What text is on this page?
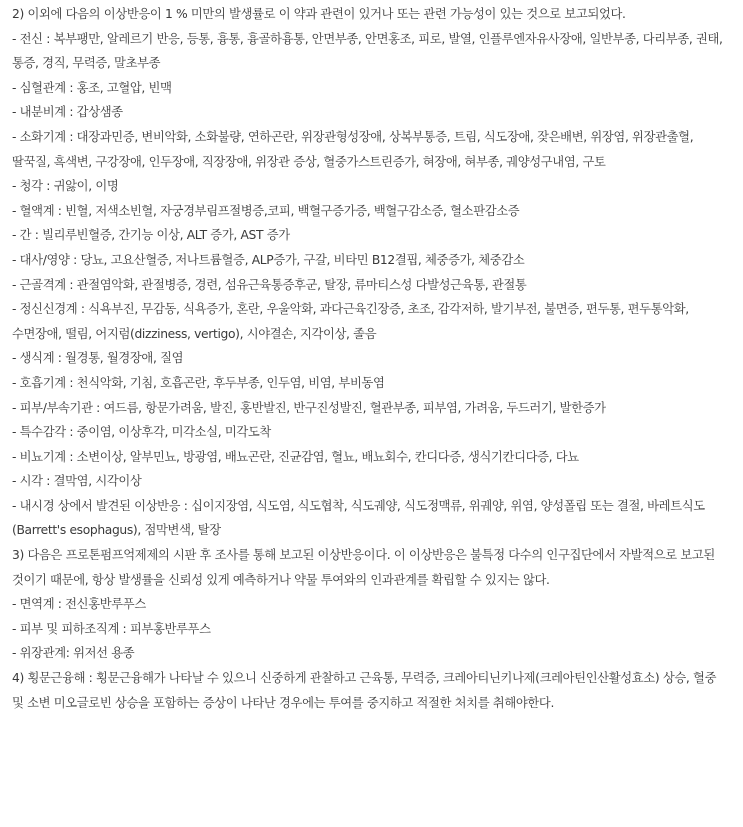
2) 이외에 다음의 이상반응이 1 % 미만의 발생률로 이 약과 관련이 있거나 또는 관련 가능성이 있는 것으로 보고되었다.

- 전신 : 복부팽만, 알레르기 반응, 등통, 흉통, 흉골하흉통, 안면부종, 안면홍조, 피로, 발열, 인플루엔자유사장애, 일반부종, 다리부종, 권태, 통증, 경직, 무력증, 말초부종

- 심혈관계 : 홍조, 고혈압, 빈맥

- 내분비계 : 갑상샘종

- 소화기계 : 대장과민증, 변비악화, 소화불량, 연하곤란, 위장관형성장애, 상복부통증, 트림, 식도장애, 잦은배변, 위장염, 위장관출혈, 딸꾹질, 흑색변, 구강장애, 인두장애, 직장장애, 위장관 증상, 혈중가스트린증가, 혀장애, 혀부종, 궤양성구내염, 구토

- 청각 : 귀앓이, 이명

- 혈액계 : 빈혈, 저색소빈혈, 자궁경부림프절병증,코피, 백혈구증가증, 백혈구감소증, 혈소판감소증

- 간 : 빌리루빈혈증, 간기능 이상, ALT 증가, AST 증가

- 대사/영양 : 당뇨, 고요산혈증, 저나트륨혈증, ALP증가, 구갈, 비타민 B12결핍, 체중증가, 체중감소

- 근골격계 : 관절염악화, 관절병증, 경련, 섬유근육통증후군, 탈장, 류마티스성 다발성근육통, 관절통

- 정신신경계 : 식욕부진, 무감동, 식욕증가, 혼란, 우울악화, 과다근육긴장증, 초조, 감각저하, 발기부전, 불면증, 편두통, 편두통악화, 수면장애, 떨림, 어지럼(dizziness, vertigo), 시야결손, 지각이상, 졸음

- 생식계 : 월경통, 월경장애, 질염

- 호흡기계 : 천식악화, 기침, 호흡곤란, 후두부종, 인두염, 비염, 부비동염

- 피부/부속기관 : 여드름, 항문가려움, 발진, 홍반발진, 반구진성발진, 혈관부종, 피부염, 가려움, 두드러기, 발한증가

- 특수감각 : 중이염, 이상후각, 미각소실, 미각도착

- 비뇨기계 : 소변이상, 알부민뇨, 방광염, 배뇨곤란, 진균감염, 혈뇨, 배뇨회수, 칸디다증, 생식기칸디다증, 다뇨

- 시각 : 결막염, 시각이상

- 내시경 상에서 발견된 이상반응 : 십이지장염, 식도염, 식도협착, 식도궤양, 식도정맥류, 위궤양, 위염, 양성폴립 또는 결절, 바레트식도(Barrett's esophagus), 점막변색, 탈장

3) 다음은 프로톤펌프억제제의 시판 후 조사를 통해 보고된 이상반응이다. 이 이상반응은 불특정 다수의 인구집단에서 자발적으로 보고된 것이기 때문에, 항상 발생률을 신뢰성 있게 예측하거나 약물 투여와의 인과관계를 확립할 수 있지는 않다.

- 면역계 : 전신홍반루푸스

- 피부 및 피하조직계 : 피부홍반루푸스

- 위장관계: 위저선 용종

4) 횡문근융해 : 횡문근융해가 나타날 수 있으니 신중하게 관찰하고 근육통, 무력증, 크레아티닌키나제(크레아틴인산활성효소) 상승, 혈중 및 소변 미오글로빈 상승을 포함하는 증상이 나타난 경우에는 투여를 중지하고 적절한 처치를 취해야한다.
